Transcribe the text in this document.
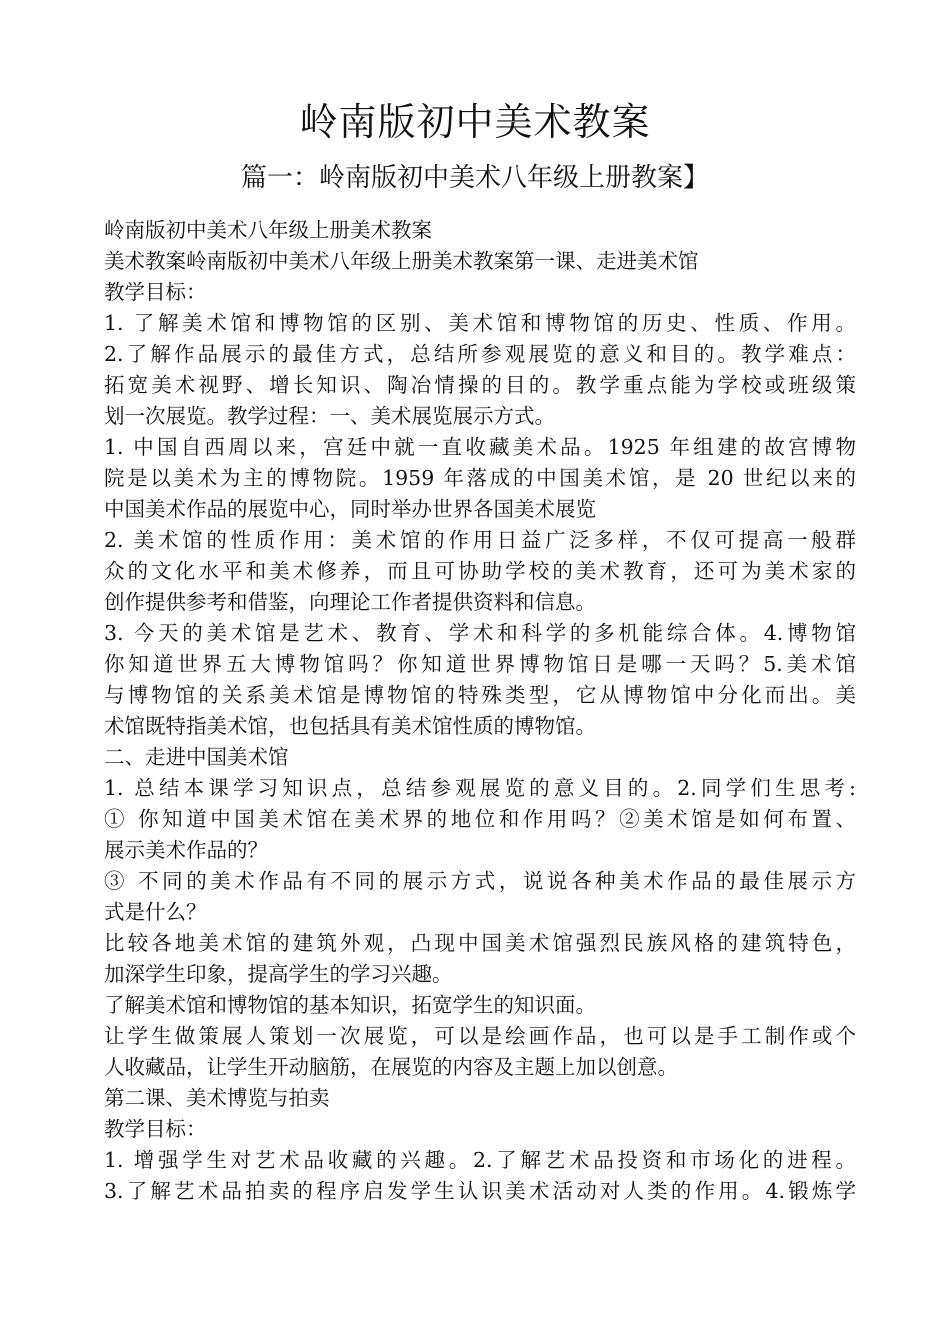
岭南版初中美术教案
篇一：岭南版初中美术八年级上册教案】
岭南版初中美术八年级上册美术教案
美术教案岭南版初中美术八年级上册美术教案第一课、走进美术馆
教学目标：
1. 了解美术馆和博物馆的区别、美术馆和博物馆的历史、性质、作用。
2.了解作品展示的最佳方式，总结所参观展览的意义和目的。教学难点：
拓宽美术视野、增长知识、陶冶情操的目的。教学重点能为学校或班级策
划一次展览。教学过程：一、美术展览展示方式。
1. 中国自西周以来，宫廷中就一直收藏美术品。1925 年组建的故宫博物
院是以美术为主的博物院。1959 年落成的中国美术馆，是 20 世纪以来的
中国美术作品的展览中心，同时举办世界各国美术展览
2. 美术馆的性质作用：美术馆的作用日益广泛多样，不仅可提高一般群
众的文化水平和美术修养，而且可协助学校的美术教育，还可为美术家的
创作提供参考和借鉴，向理论工作者提供资料和信息。
3. 今天的美术馆是艺术、教育、学术和科学的多机能综合体。4.博物馆
你知道世界五大博物馆吗？你知道世界博物馆日是哪一天吗？5.美术馆
与博物馆的关系美术馆是博物馆的特殊类型，它从博物馆中分化而出。美
术馆既特指美术馆，也包括具有美术馆性质的博物馆。
二、走进中国美术馆
1. 总结本课学习知识点，总结参观展览的意义目的。2.同学们生思考:
① 你知道中国美术馆在美术界的地位和作用吗？②美术馆是如何布置、
展示美术作品的？
③ 不同的美术作品有不同的展示方式，说说各种美术作品的最佳展示方
式是什么？
比较各地美术馆的建筑外观，凸现中国美术馆强烈民族风格的建筑特色，
加深学生印象，提高学生的学习兴趣。
了解美术馆和博物馆的基本知识，拓宽学生的知识面。
让学生做策展人策划一次展览，可以是绘画作品，也可以是手工制作或个
人收藏品，让学生开动脑筋，在展览的内容及主题上加以创意。
第二课、美术博览与拍卖
教学目标：
1. 增强学生对艺术品收藏的兴趣。2.了解艺术品投资和市场化的进程。
3.了解艺术品拍卖的程序启发学生认识美术活动对人类的作用。4.锻炼学
